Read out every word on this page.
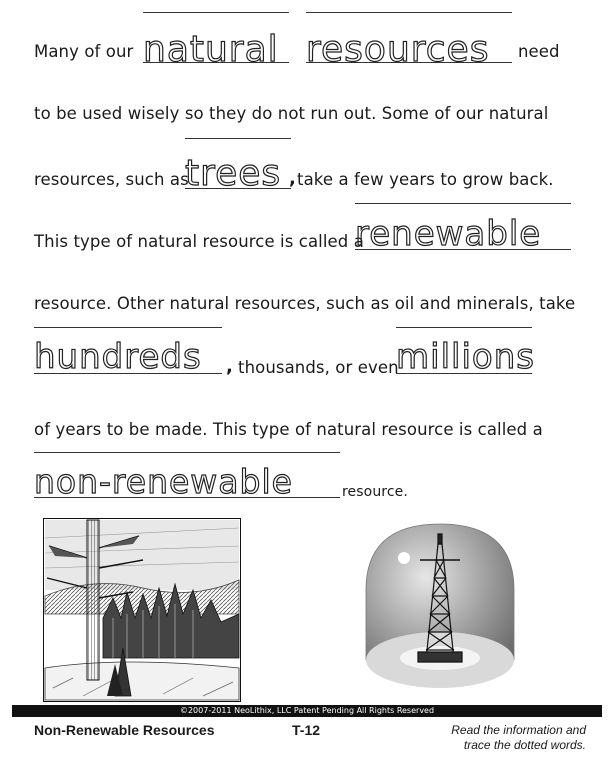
Many of our natural resources need
to be used wisely so they do not run out. Some of our natural
resources, such as
trees , take a few years to grow back.
This type of natural resource is called a
renewable
resource. Other natural resources, such as oil and minerals, take
hundreds , thousands, or even
millions
of years to be made. This type of natural resource is called a
non-renewable	resource.
©2007-2011 NeoLithix, LLC Patent Pending All Rights Reserved
Non-Renewable Resources	T-12	Read the information and
trace the dotted words.
